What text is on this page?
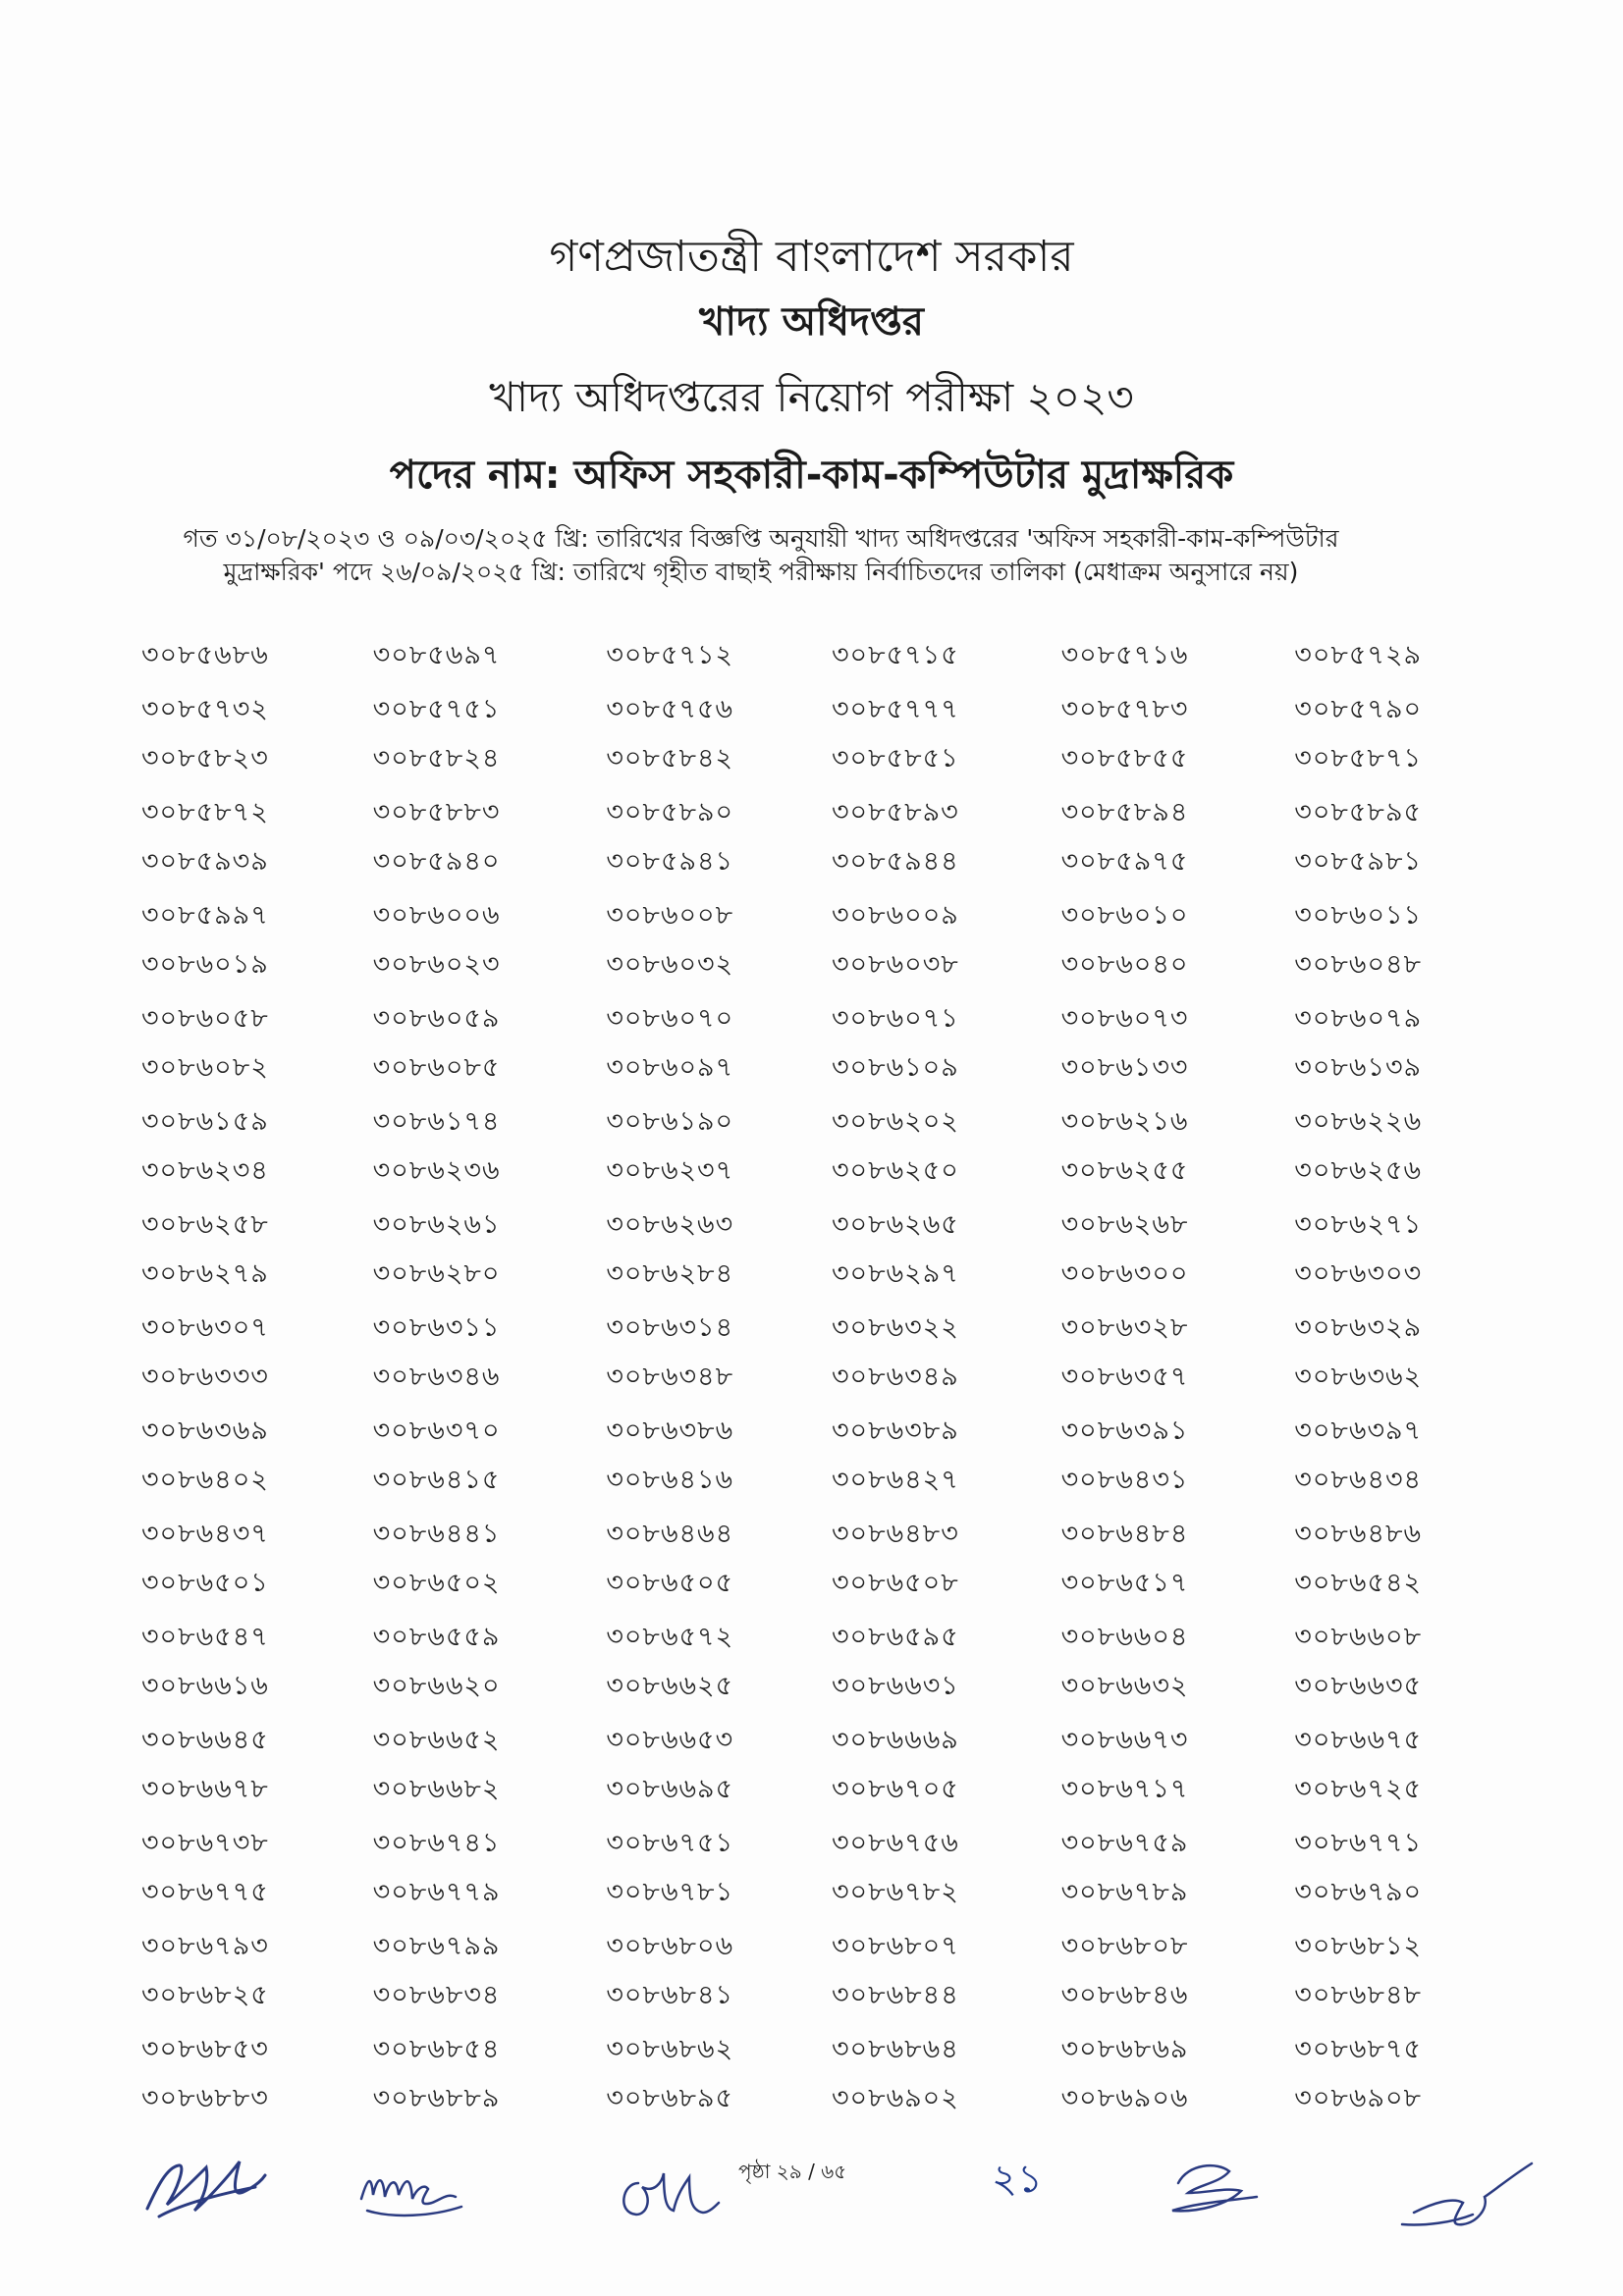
গণপ্রজাতন্ত্রী বাংলাদেশ সরকার
খাদ্য অধিদপ্তর
খাদ্য অধিদপ্তরের নিয়োগ পরীক্ষা ২০২৩
পদের নাম: অফিস সহকারী-কাম-কম্পিউটার মুদ্রাক্ষরিক

গত ৩১/০৮/২০২৩ ও ০৯/০৩/২০২৫ খ্রি: তারিখের বিজ্ঞপ্তি অনুযায়ী খাদ্য অধিদপ্তরের 'অফিস সহকারী-কাম-কম্পিউটার

মুদ্রাক্ষরিক' পদে ২৬/০৯/২০২৫ খ্রি: তারিখে গৃহীত বাছাই পরীক্ষায় নির্বাচিতদের তালিকা (মেধাক্রম অনুসারে নয়)

৩০৮৫৬৮৬	৩০৮৫৬৯৭	৩০৮৫৭১২	৩০৮৫৭১৫	৩০৮৫৭১৬	৩০৮৫৭২৯
৩০৮৫৭৩২	৩০৮৫৭৫১	৩০৮৫৭৫৬	৩০৮৫৭৭৭	৩০৮৫৭৮৩	৩০৮৫৭৯০
৩০৮৫৮২৩	৩০৮৫৮২৪	৩০৮৫৮৪২	৩০৮৫৮৫১	৩০৮৫৮৫৫	৩০৮৫৮৭১
৩০৮৫৮৭২	৩০৮৫৮৮৩	৩০৮৫৮৯০	৩০৮৫৮৯৩	৩০৮৫৮৯৪	৩০৮৫৮৯৫
৩০৮৫৯৩৯	৩০৮৫৯৪০	৩০৮৫৯৪১	৩০৮৫৯৪৪	৩০৮৫৯৭৫	৩০৮৫৯৮১
৩০৮৫৯৯৭	৩০৮৬০০৬	৩০৮৬০০৮	৩০৮৬০০৯	৩০৮৬০১০	৩০৮৬০১১
৩০৮৬০১৯	৩০৮৬০২৩	৩০৮৬০৩২	৩০৮৬০৩৮	৩০৮৬০৪০	৩০৮৬০৪৮
৩০৮৬০৫৮	৩০৮৬০৫৯	৩০৮৬০৭০	৩০৮৬০৭১	৩০৮৬০৭৩	৩০৮৬০৭৯
৩০৮৬০৮২	৩০৮৬০৮৫	৩০৮৬০৯৭	৩০৮৬১০৯	৩০৮৬১৩৩	৩০৮৬১৩৯
৩০৮৬১৫৯	৩০৮৬১৭৪	৩০৮৬১৯০	৩০৮৬২০২	৩০৮৬২১৬	৩০৮৬২২৬
৩০৮৬২৩৪	৩০৮৬২৩৬	৩০৮৬২৩৭	৩০৮৬২৫০	৩০৮৬২৫৫	৩০৮৬২৫৬
৩০৮৬২৫৮	৩০৮৬২৬১	৩০৮৬২৬৩	৩০৮৬২৬৫	৩০৮৬২৬৮	৩০৮৬২৭১
৩০৮৬২৭৯	৩০৮৬২৮০	৩০৮৬২৮৪	৩০৮৬২৯৭	৩০৮৬৩০০	৩০৮৬৩০৩
৩০৮৬৩০৭	৩০৮৬৩১১	৩০৮৬৩১৪	৩০৮৬৩২২	৩০৮৬৩২৮	৩০৮৬৩২৯
৩০৮৬৩৩৩	৩০৮৬৩৪৬	৩০৮৬৩৪৮	৩০৮৬৩৪৯	৩০৮৬৩৫৭	৩০৮৬৩৬২
৩০৮৬৩৬৯	৩০৮৬৩৭০	৩০৮৬৩৮৬	৩০৮৬৩৮৯	৩০৮৬৩৯১	৩০৮৬৩৯৭
৩০৮৬৪০২	৩০৮৬৪১৫	৩০৮৬৪১৬	৩০৮৬৪২৭	৩০৮৬৪৩১	৩০৮৬৪৩৪
৩০৮৬৪৩৭	৩০৮৬৪৪১	৩০৮৬৪৬৪	৩০৮৬৪৮৩	৩০৮৬৪৮৪	৩০৮৬৪৮৬
৩০৮৬৫০১	৩০৮৬৫০২	৩০৮৬৫০৫	৩০৮৬৫০৮	৩০৮৬৫১৭	৩০৮৬৫৪২
৩০৮৬৫৪৭	৩০৮৬৫৫৯	৩০৮৬৫৭২	৩০৮৬৫৯৫	৩০৮৬৬০৪	৩০৮৬৬০৮
৩০৮৬৬১৬	৩০৮৬৬২০	৩০৮৬৬২৫	৩০৮৬৬৩১	৩০৮৬৬৩২	৩০৮৬৬৩৫
৩০৮৬৬৪৫	৩০৮৬৬৫২	৩০৮৬৬৫৩	৩০৮৬৬৬৯	৩০৮৬৬৭৩	৩০৮৬৬৭৫
৩০৮৬৬৭৮	৩০৮৬৬৮২	৩০৮৬৬৯৫	৩০৮৬৭০৫	৩০৮৬৭১৭	৩০৮৬৭২৫
৩০৮৬৭৩৮	৩০৮৬৭৪১	৩০৮৬৭৫১	৩০৮৬৭৫৬	৩০৮৬৭৫৯	৩০৮৬৭৭১
৩০৮৬৭৭৫	৩০৮৬৭৭৯	৩০৮৬৭৮১	৩০৮৬৭৮২	৩০৮৬৭৮৯	৩০৮৬৭৯০
৩০৮৬৭৯৩	৩০৮৬৭৯৯	৩০৮৬৮০৬	৩০৮৬৮০৭	৩০৮৬৮০৮	৩০৮৬৮১২
৩০৮৬৮২৫	৩০৮৬৮৩৪	৩০৮৬৮৪১	৩০৮৬৮৪৪	৩০৮৬৮৪৬	৩০৮৬৮৪৮
৩০৮৬৮৫৩	৩০৮৬৮৫৪	৩০৮৬৮৬২	৩০৮৬৮৬৪	৩০৮৬৮৬৯	৩০৮৬৮৭৫
৩০৮৬৮৮৩	৩০৮৬৮৮৯	৩০৮৬৮৯৫	৩০৮৬৯০২	৩০৮৬৯০৬	৩০৮৬৯০৮
পৃষ্ঠা ২৯ / ৬৫	২১
